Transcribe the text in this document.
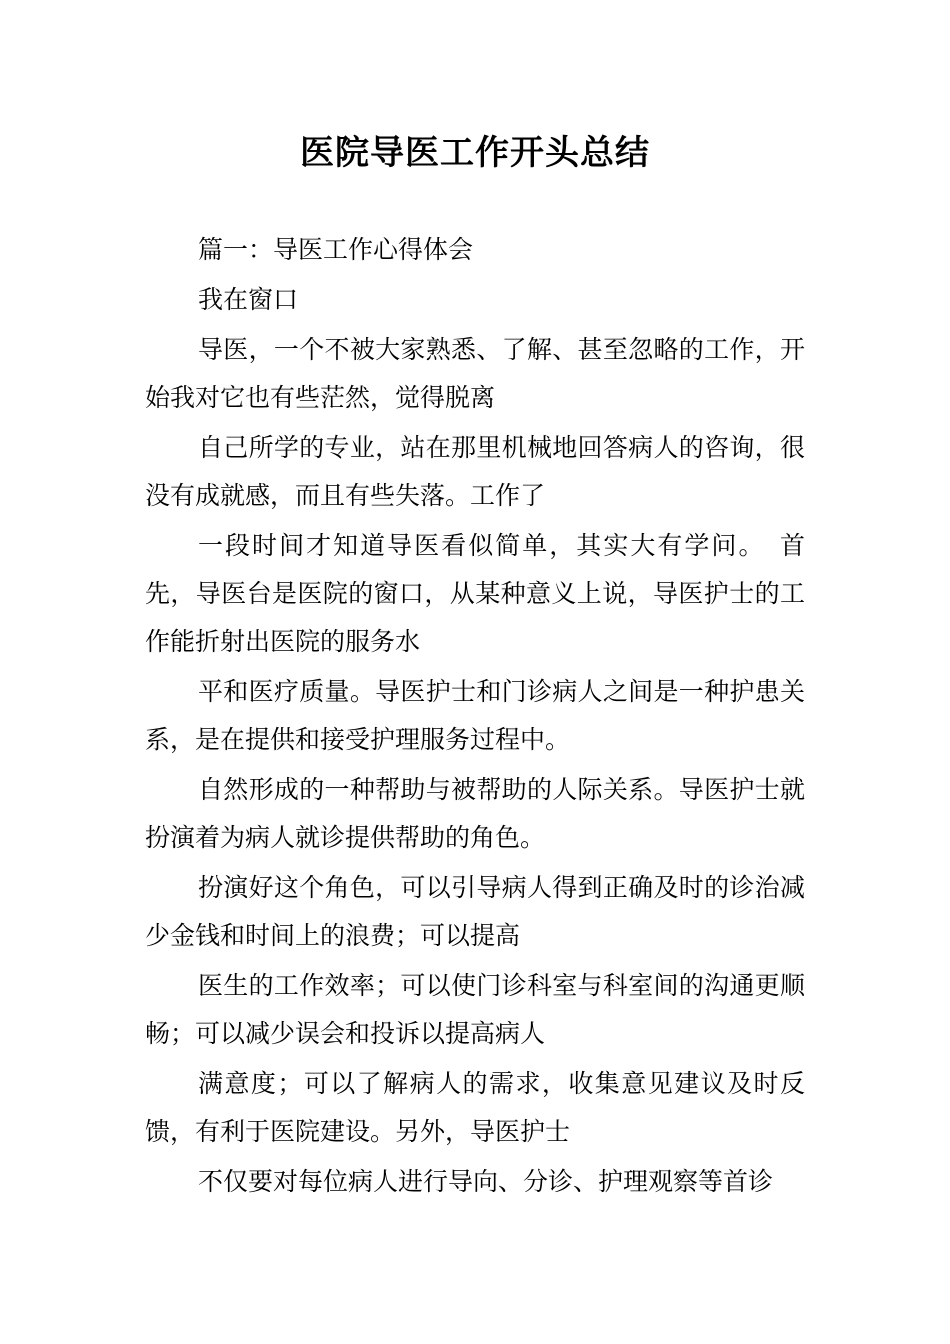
医院导医工作开头总结

篇一：导医工作心得体会

我在窗口

导医，一个不被大家熟悉、了解、甚至忽略的工作，开始我对它也有些茫然，觉得脱离

自己所学的专业，站在那里机械地回答病人的咨询，很没有成就感，而且有些失落。工作了

一段时间才知道导医看似简单，其实大有学问。　首先，导医台是医院的窗口，从某种意义上说，导医护士的工作能折射出医院的服务水

平和医疗质量。导医护士和门诊病人之间是一种护患关系，是在提供和接受护理服务过程中。

自然形成的一种帮助与被帮助的人际关系。导医护士就扮演着为病人就诊提供帮助的角色。

扮演好这个角色，可以引导病人得到正确及时的诊治减少金钱和时间上的浪费；可以提高

医生的工作效率；可以使门诊科室与科室间的沟通更顺畅；可以减少误会和投诉以提高病人

满意度；可以了解病人的需求，收集意见建议及时反馈，有利于医院建设。另外，导医护士

不仅要对每位病人进行导向、分诊、护理观察等首诊
